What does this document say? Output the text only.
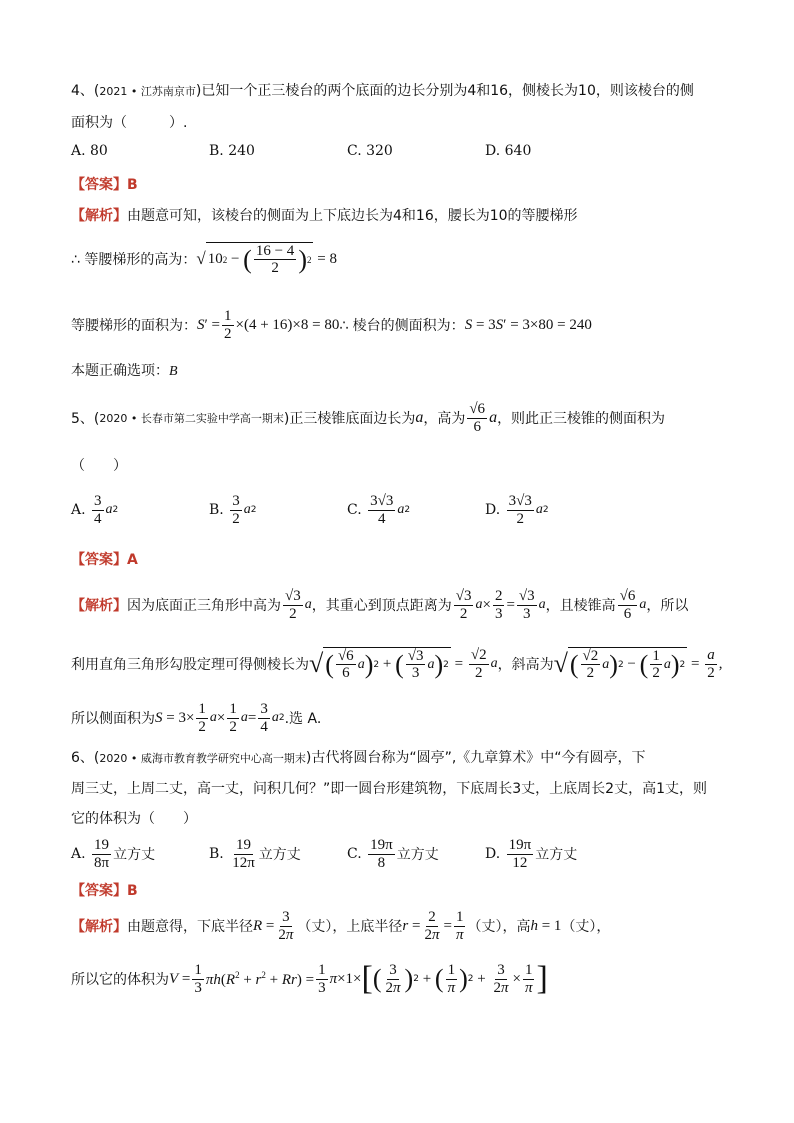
4、(2021 • 江苏南京市)已知一个正三棱台的两个底面的边长分别为4和16，侧棱长为10，则该棱台的侧
面积为（　　　）.
A. 80	B. 240	C. 320	D. 640
【答案】B
【解析】由题意可知，该棱台的侧面为上下底边长为4和16，腰长为10的等腰梯形
∴ 等腰梯形的高为： √ 10 2 − ( $\frac{16 - 4}{2}$ ) 2 = 8
等腰梯形的面积为： $S' = \frac{1}{2} \times(4 + 16)\times 8 = 80$ ∴ 棱台的侧面积为： S = 3S′ = 3×80 = 240
本题正确选项：B
5、( 2020 • 长春市第二实验中学高一期末 )正三棱锥底面边长为 a ，高为 $\frac{√6}{6}$ a ，则此正三棱锥的侧面积为
（　　）
A.
$\frac{3}{4}$ a 2	B.
$\frac{3}{2}$ a 2	C.
$\frac{3√3}{4}$ a 2	D.
$\frac{3√3}{2}$ a 2
【答案】A
【解析】 因为底面正三角形中高为 $\frac{√3}{2}$ a ，其重心到顶点距离为 $\frac{√3}{2}$ $a \times \frac{2}{3} = \frac{√3}{3}$ a ，且棱锥高 $\frac{√6}{6}$ a ，所以
利用直角三角形勾股定理可得侧棱长为 √ ( $\frac{√6}{6}$ a ) 2 + ( $\frac{√3}{3}$ a ) $2 = \frac{√2}{2}$ a ，斜高为 √ ( $\frac{√2}{2}$ a ) 2 − ( $\frac{1}{2}$ a ) $2 = \frac{a}{2}$ ,
所以侧面积为 $S = 3\times \frac{1}{2}$ $a \times \frac{1}{2}$ $a = \frac{3}{4}$ a 2 .选 A.
6、(2020 • 威海市教育教学研究中心高一期末)古代将圆台称为“圆亭”,《九章算术》中“今有圆亭，下
周三丈，上周二丈，高一丈，问积几何？”即一圆台形建筑物，下底周长3丈，上底周长2丈，高1丈，则
它的体积为（　　）
A.
$\frac{19}{8\pi}$ 立方丈	B.
$\frac{19}{12\pi}$ 立方丈	C.
$\frac{19\pi}{8}$ 立方丈	D.
$\frac{19\pi}{12}$ 立方丈
【答案】B
【解析】 由题意得，下底半径 $R = \frac{3}{2\pi}$ （丈），上底半径 $r = \frac{2}{2\pi} = \frac{1}{\pi}$ （丈），高 h = 1 （丈），
所以它的体积为 $V = \frac{1}{3} \pi h(R^2 + r^2 + Rr) = \frac{1}{3} \pi\times 1\times$ [ ( $\frac{3}{2\pi}$ ) 2 + ( $\frac{1}{\pi}$ ) $2 + \frac{3}{2\pi} \times \frac{1}{\pi}$ ]
